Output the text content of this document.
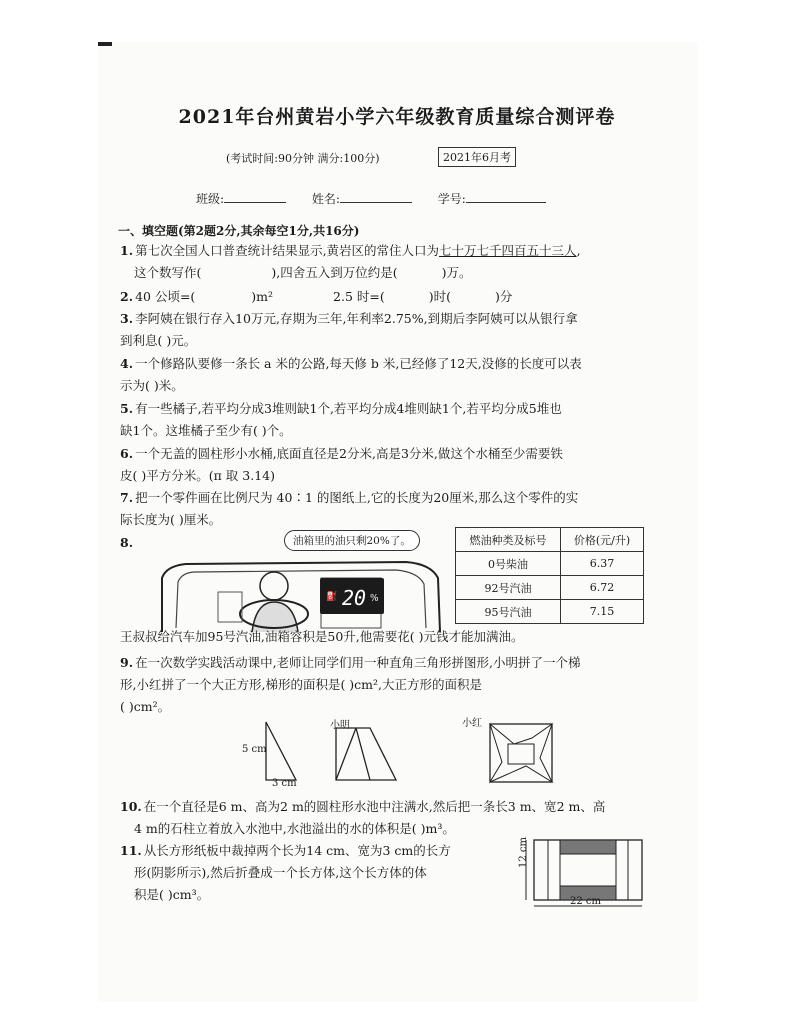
2021年台州黄岩小学六年级教育质量综合测评卷
(考试时间:90分钟 满分:100分)	2021年6月考
班级:	姓名:	学号:
一、填空题(第2题2分,其余每空1分,共16分)
1. 第七次全国人口普查统计结果显示,黄岩区的常住人口为七十万七千四百五十三人,
这个数写作(	),四舍五入到万位约是(	)万。
2. 40 公顷=(	)m²	2.5 时=(	)时(	)分
3. 李阿姨在银行存入10万元,存期为三年,年利率2.75%,到期后李阿姨可以从银行拿
到利息( )元。
4. 一个修路队要修一条长 a 米的公路,每天修 b 米,已经修了12天,没修的长度可以表
示为( )米。
5. 有一些橘子,若平均分成3堆则缺1个,若平均分成4堆则缺1个,若平均分成5堆也
缺1个。这堆橘子至少有( )个。
6. 一个无盖的圆柱形小水桶,底面直径是2分米,高是3分米,做这个水桶至少需要铁
皮( )平方分米。(π 取 3.14)
7. 把一个零件画在比例尺为 40∶1 的图纸上,它的长度为20厘米,那么这个零件的实
际长度为( )厘米。
8.
⛽ 20 %
油箱里的油只剩20%了。	燃油种类及标号	价格(元/升)
0号柴油	6.37
92号汽油	6.72
95号汽油	7.15
王叔叔给汽车加95号汽油,油箱容积是50升,他需要花( )元钱才能加满油。
9. 在一次数学实践活动课中,老师让同学们用一种直角三角形拼图形,小明拼了一个梯
形,小红拼了一个大正方形,梯形的面积是( )cm²,大正方形的面积是
( )cm²。
5 cm
3 cm
小明	小红
10. 在一个直径是6 m、高为2 m的圆柱形水池中注满水,然后把一条长3 m、宽2 m、高
4 m的石柱立着放入水池中,水池溢出的水的体积是( )m³。
11. 从长方形纸板中裁掉两个长为14 cm、宽为3 cm的长方
形(阴影所示),然后折叠成一个长方体,这个长方体的体
积是( )cm³。
12 cm
22 cm
